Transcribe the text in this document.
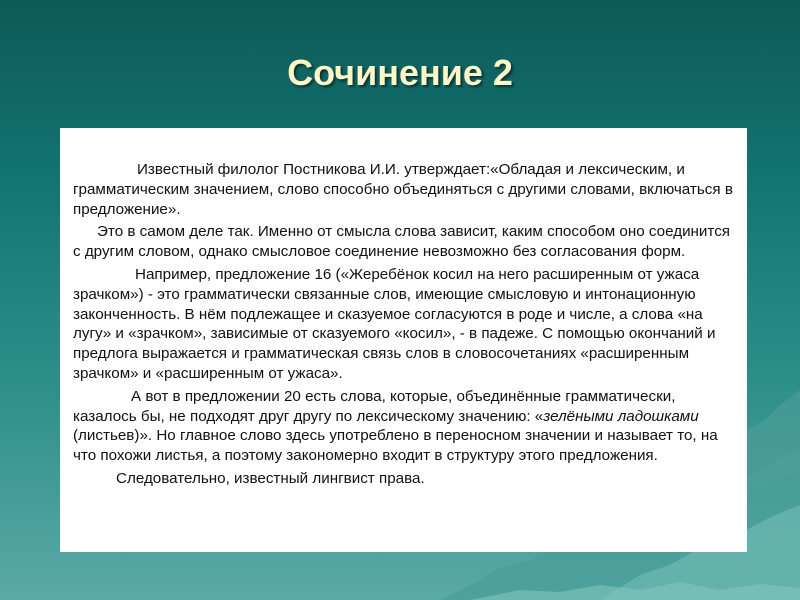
Сочинение 2

Известный филолог Постникова И.И. утверждает:«Обладая и лексическим, и грамматическим значением, слово способно объединяться с другими словами, включаться в предложение».

Это в самом деле так. Именно от смысла слова зависит, каким способом оно соединится с другим словом, однако смысловое соединение невозможно без согласования форм.

Например, предложение 16 («Жеребёнок косил на него расширенным от ужаса зрачком») - это грамматически связанные слов, имеющие смысловую и интонационную законченность. В нём подлежащее и сказуемое согласуются в роде и числе, а слова «на лугу» и «зрачком», зависимые от сказуемого «косил», - в падеже. С помощью окончаний и предлога выражается и грамматическая связь слов в словосочетаниях «расширенным зрачком» и «расширенным от ужаса».

А вот в предложении 20 есть слова, которые, объединённые грамматически, казалось бы, не подходят друг другу по лексическому значению: «зелёными ладошками (листьев)». Но главное слово здесь употреблено в переносном значении и называет то, на что похожи листья, а поэтому закономерно входит в структуру этого предложения.

Следовательно, известный лингвист права.
